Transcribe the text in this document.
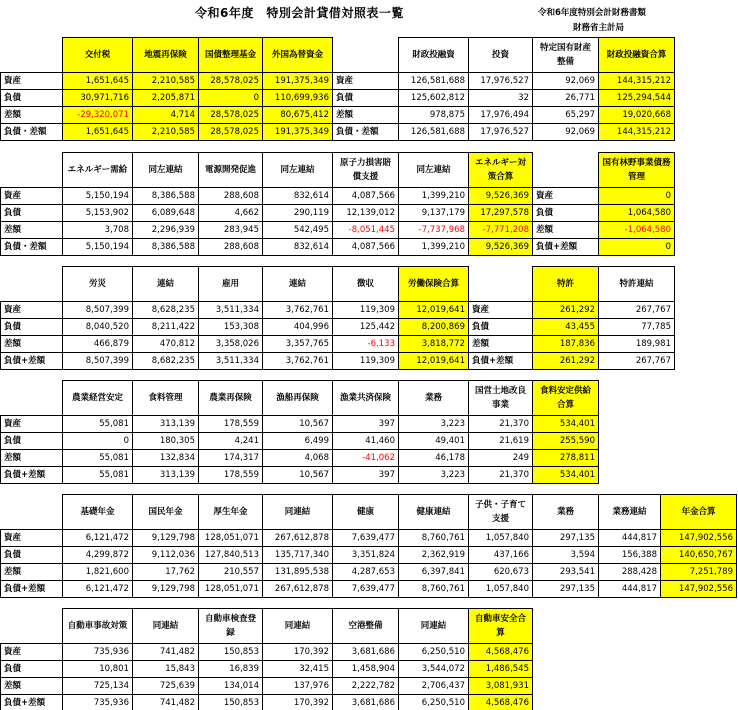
令和6年度　特別会計貸借対照表一覧	令和6年度特別会計財務書類
財務省主計局
	交付税	地震再保険	国債整理基金	外国為替資金		財政投融資	投資	特定国有財産整備	財政投融資合算
資産	1,651,645	2,210,585	28,578,025	191,375,349	資産	126,581,688	17,976,527	92,069	144,315,212
負債	30,971,716	2,205,871	0	110,699,936	負債	125,602,812	32	26,771	125,294,544
差額	-29,320,071	4,714	28,578,025	80,675,412	差額	978,875	17,976,494	65,297	19,020,668
負債・差額	1,651,645	2,210,585	28,578,025	191,375,349	負債・差額	126,581,688	17,976,527	92,069	144,315,212
	エネルギー需給	同左連結	電源開発促進	同左連結	原子力損害賠償支援	同左連結	エネルギー対策合算		国有林野事業債務管理
資産	5,150,194	8,386,588	288,608	832,614	4,087,566	1,399,210	9,526,369	資産	0
負債	5,153,902	6,089,648	4,662	290,119	12,139,012	9,137,179	17,297,578	負債	1,064,580
差額	3,708	2,296,939	283,945	542,495	-8,051,445	-7,737,968	-7,771,208	差額	-1,064,580
負債・差額	5,150,194	8,386,588	288,608	832,614	4,087,566	1,399,210	9,526,369	負債+差額	0
	労災	連結	雇用	連結	徴収	労働保険合算		特許	特許連結
資産	8,507,399	8,628,235	3,511,334	3,762,761	119,309	12,019,641	資産	261,292	267,767
負債	8,040,520	8,211,422	153,308	404,996	125,442	8,200,869	負債	43,455	77,785
差額	466,879	470,812	3,358,026	3,357,765	-6,133	3,818,772	差額	187,836	189,981
負債+差額	8,507,399	8,682,235	3,511,334	3,762,761	119,309	12,019,641	負債+差額	261,292	267,767
	農業経営安定	食料管理	農業再保険	漁船再保険	漁業共済保険	業務	国営土地改良事業	食料安定供給合算
資産	55,081	313,139	178,559	10,567	397	3,223	21,370	534,401
負債	0	180,305	4,241	6,499	41,460	49,401	21,619	255,590
差額	55,081	132,834	174,317	4,068	-41,062	46,178	249	278,811
負債+差額	55,081	313,139	178,559	10,567	397	3,223	21,370	534,401
	基礎年金	国民年金	厚生年金	同連結	健康	健康連結	子供・子育て支援	業務	業務連結	年金合算
資産	6,121,472	9,129,798	128,051,071	267,612,878	7,639,477	8,760,761	1,057,840	297,135	444,817	147,902,556
負債	4,299,872	9,112,036	127,840,513	135,717,340	3,351,824	2,362,919	437,166	3,594	156,388	140,650,767
差額	1,821,600	17,762	210,557	131,895,538	4,287,653	6,397,841	620,673	293,541	288,428	7,251,789
負債+差額	6,121,472	9,129,798	128,051,071	267,612,878	7,639,477	8,760,761	1,057,840	297,135	444,817	147,902,556
	自動車事故対策	同連結	自動車検査登録	同連結	空港整備	同連結	自動車安全合算
資産	735,936	741,482	150,853	170,392	3,681,686	6,250,510	4,568,476
負債	10,801	15,843	16,839	32,415	1,458,904	3,544,072	1,486,545
差額	725,134	725,639	134,014	137,976	2,222,782	2,706,437	3,081,931
負債+差額	735,936	741,482	150,853	170,392	3,681,686	6,250,510	4,568,476
